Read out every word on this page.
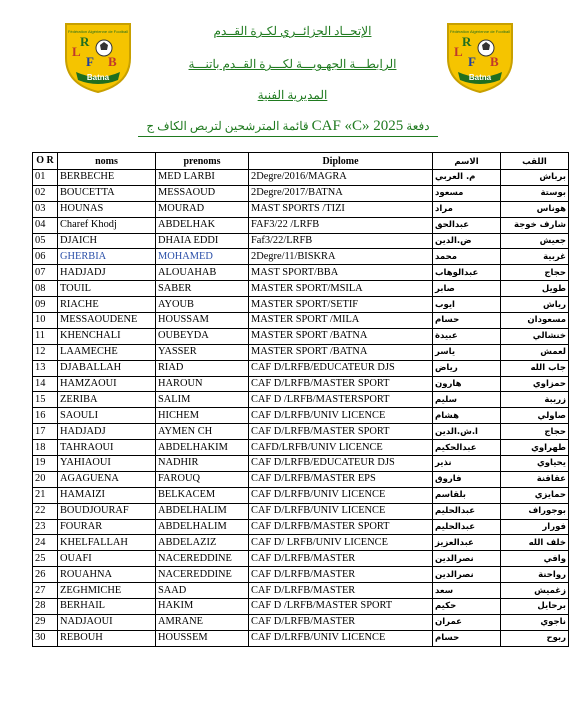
Fédération Algérienne de Football
L
R
F B
Batna
Fédération Algérienne de Football
L
R
F B
Batna
الإتحــاد الجزائــري لكـرة القــدم
الرابطـــة الجهـويـــة لكـــرة القــدم باتنـــة
المديرية الفنية
دفعة CAF «C» 2025 قائمة المترشحين لتربص الكاف ج
O R	noms	prenoms	Diplome	الاسم	اللقب
01	BERBECHE	MED LARBI	2Degre/2016/MAGRA	م. العربي	برباش
02	BOUCETTA	MESSAOUD	2Degre/2017/BATNA	مسعود	بوستة
03	HOUNAS	MOURAD	MAST SPORTS /TIZI	مراد	هوناس
04	Charef Khodj	ABDELHAK	FAF3/22 /LRFB	عبدالحق	شارف خوجة
05	DJAICH	DHAIA EDDI	Faf3/22/LRFB	ض.الدين	جعيش
06	GHERBIA	MOHAMED	2Degre/11/BISKRA	محمد	غربية
07	HADJADJ	ALOUAHAB	MAST SPORT/BBA	عبدالوهاب	حجاج
08	TOUIL	SABER	MASTER SPORT/MSILA	صابر	طويل
09	RIACHE	AYOUB	MASTER SPORT/SETIF	ايوب	رياش
10	MESSAOUDENE	HOUSSAM	MASTER SPORT /MILA	حسام	مسعودان
11	KHENCHALI	OUBEYDA	MASTER SPORT /BATNA	عبيدة	خنشالي
12	LAAMECHE	YASSER	MASTER SPORT /BATNA	ياسر	لعمش
13	DJABALLAH	RIAD	CAF D/LRFB/EDUCATEUR DJS	رياض	جاب الله
14	HAMZAOUI	HAROUN	CAF D/LRFB/MASTER SPORT	هارون	حمزاوي
15	ZERIBA	SALIM	CAF D /LRFB/MASTERSPORT	سليم	زريبة
16	SAOULI	HICHEM	CAF D/LRFB/UNIV LICENCE	هشام	صاولي
17	HADJADJ	AYMEN CH	CAF D/LRFB/MASTER SPORT	ا.ش.الدين	حجاج
18	TAHRAOUI	ABDELHAKIM	CAFD/LRFB/UNIV LICENCE	عبدالحكيم	طهراوي
19	YAHIAOUI	NADHIR	CAF D/LRFB/EDUCATEUR DJS	نذير	يحياوي
20	AGAGUENA	FAROUQ	CAF D/LRFB/MASTER EPS	فاروق	عقاقنة
21	HAMAIZI	BELKACEM	CAF D/LRFB/UNIV LICENCE	بلقاسم	حمايزي
22	BOUDJOURAF	ABDELHALIM	CAF D/LRFB/UNIV LICENCE	عبدالحليم	بوجوراف
23	FOURAR	ABDELHALIM	CAF D/LRFB/MASTER SPORT	عبدالحليم	فورار
24	KHELFALLAH	ABDELAZIZ	CAF D/ LRFB/UNIV LICENCE	عبدالعزيز	خلف الله
25	OUAFI	NACEREDDINE	CAF D/LRFB/MASTER	نصرالدين	وافي
26	ROUAHNA	NACEREDDINE	CAF D/LRFB/MASTER	نصرالدين	رواحنة
27	ZEGHMICHE	SAAD	CAF D/LRFB/MASTER	سعد	زغميش
28	BERHAIL	HAKIM	CAF D /LRFB/MASTER SPORT	حكيم	برحايل
29	NADJAOUI	AMRANE	CAF D/LRFB/MASTER	عمران	ناجوي
30	REBOUH	HOUSSEM	CAF D/LRFB/UNIV LICENCE	حسام	ربوح
